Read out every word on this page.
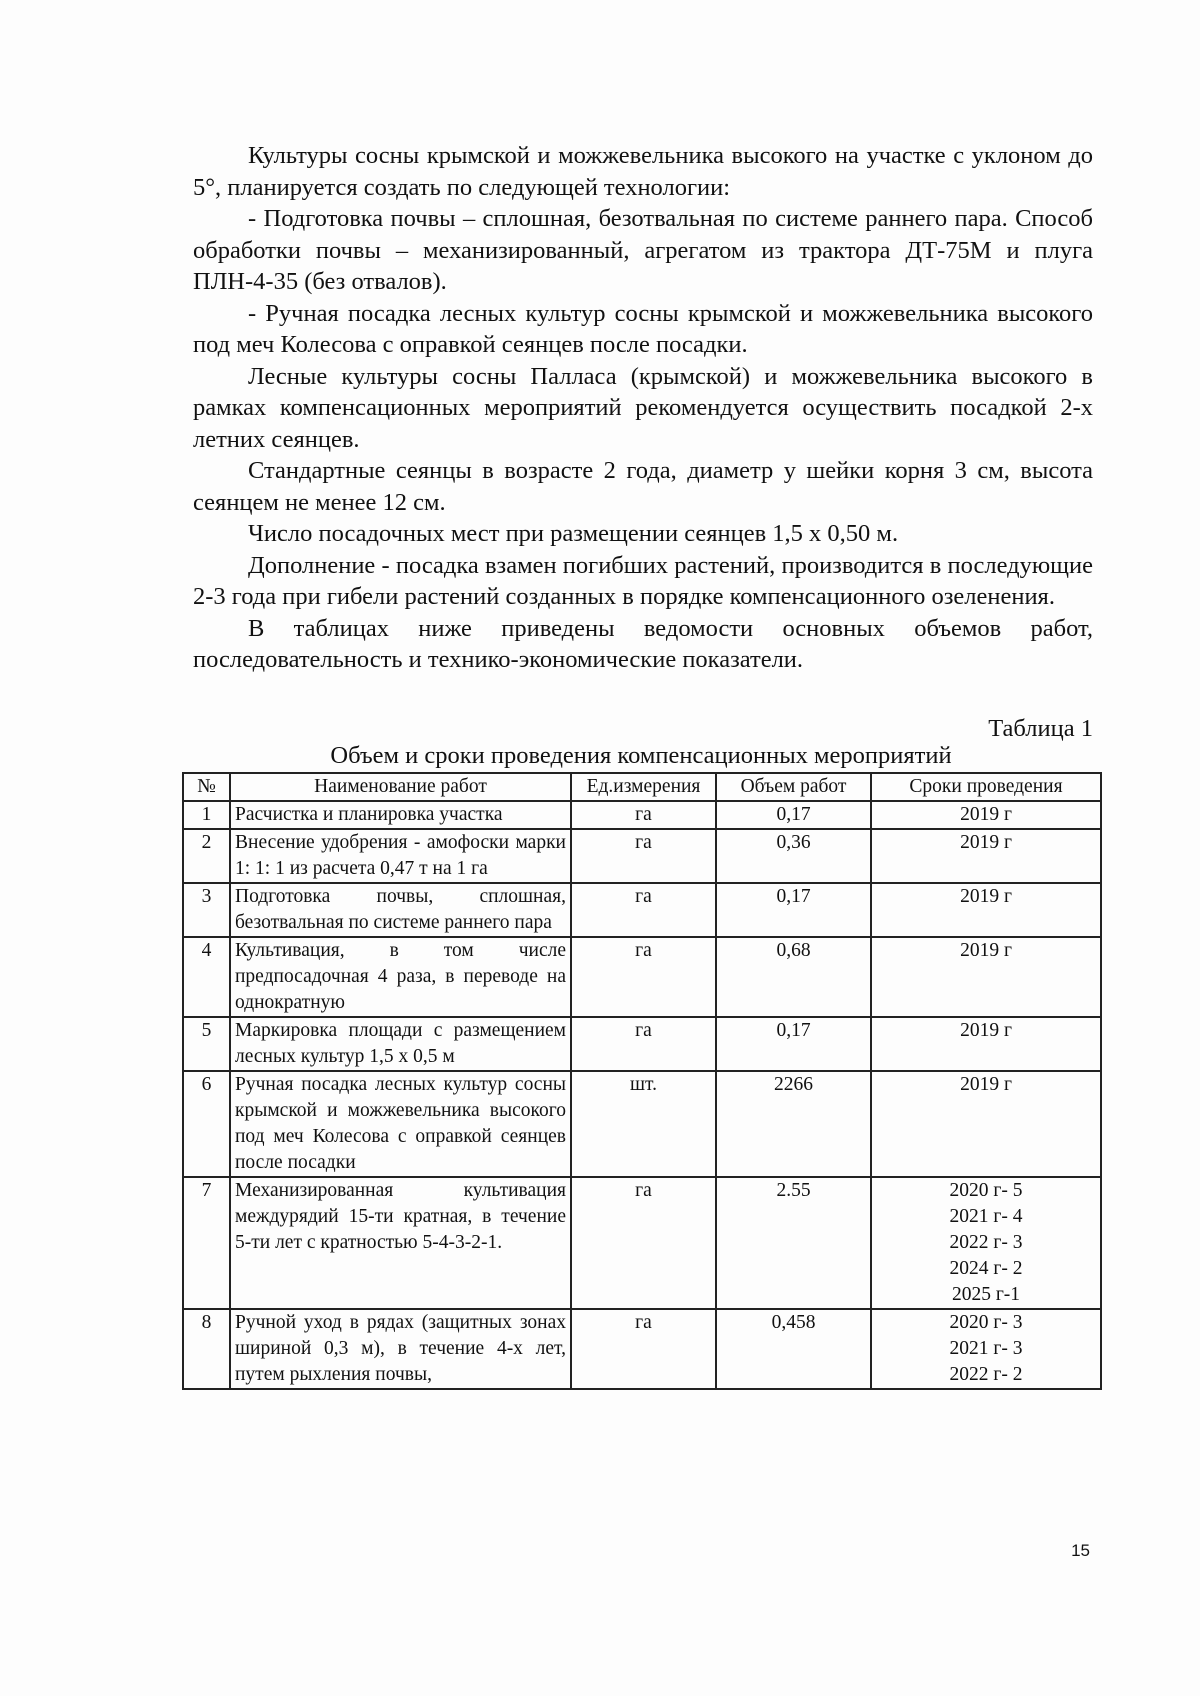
Культуры сосны крымской и можжевельника высокого на участке с уклоном до 5°, планируется создать по следующей технологии:

- Подготовка почвы – сплошная, безотвальная по системе раннего пара. Способ обработки почвы – механизированный, агрегатом из трактора ДТ-75М и плуга ПЛН-4-35 (без отвалов).

- Ручная посадка лесных культур сосны крымской и можжевельника высокого под меч Колесова с оправкой сеянцев после посадки.

Лесные культуры сосны Палласа (крымской) и можжевельника высокого в рамках компенсационных мероприятий рекомендуется осуществить посадкой 2-х летних сеянцев.

Стандартные сеянцы в возрасте 2 года, диаметр у шейки корня 3 см, высота сеянцем не менее 12 см.

Число посадочных мест при размещении сеянцев 1,5 х 0,50 м.

Дополнение - посадка взамен погибших растений, производится в последующие 2-3 года при гибели растений созданных в порядке компенсационного озеленения.

В таблицах ниже приведены ведомости основных объемов работ, последовательность и технико-экономические показатели.

Таблица 1
Объем и сроки проведения компенсационных мероприятий
№	Наименование работ	Ед.измерения	Объем работ	Сроки проведения
1	Расчистка и планировка участка	га	0,17	2019 г

2	Внесение удобрения - амофоски марки 1: 1: 1 из расчета 0,47 т на 1 га	га	0,36	2019 г

3	Подготовка почвы, сплошная, безотвальная по системе раннего пара	га	0,17	2019 г

4	Культивация, в том числе предпосадочная 4 раза, в переводе на однократную	га	0,68	2019 г

5	Маркировка площади с размещением лесных культур 1,5 х 0,5 м	га	0,17	2019 г

6	Ручная посадка лесных культур сосны крымской и можжевельника высокого под меч Колесова с оправкой сеянцев после посадки	шт.	2266	2019 г

7	Механизированная культивация междурядий 15-ти кратная, в течение 5-ти лет с кратностью 5-4-3-2-1.	га	2.55	2020 г- 5
2021 г- 4
2022 г- 3
2024 г- 2
2025 г-1

8	Ручной уход в рядах (защитных зонах шириной 0,3 м), в течение 4-х лет, путем рыхления почвы,	га	0,458	2020 г- 3
2021 г- 3
2022 г- 2
15
